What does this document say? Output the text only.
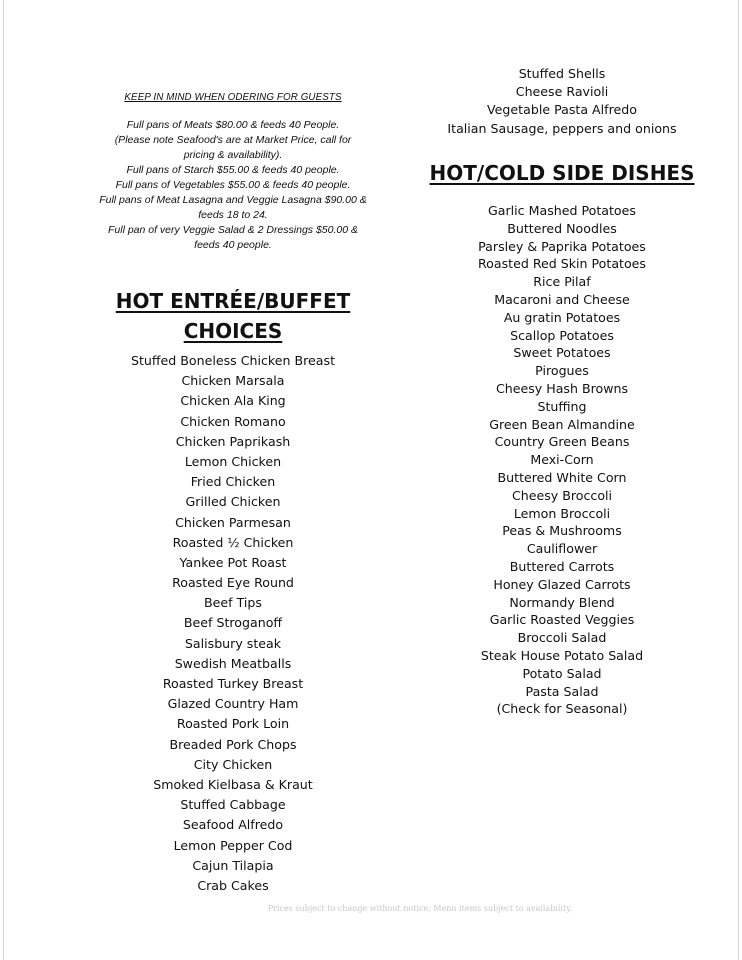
KEEP IN MIND WHEN ODERING FOR GUESTS
Full pans of Meats $80.00 & feeds 40 People.
(Please note Seafood's are at Market Price, call for
pricing & availability).
Full pans of Starch $55.00 & feeds 40 people.
Full pans of Vegetables $55.00 & feeds 40 people.
Full pans of Meat Lasagna and Veggie Lasagna $90.00 &
feeds 18 to 24.
Full pan of very Veggie Salad & 2 Dressings $50.00 &
feeds 40 people.
HOT ENTRÉE/BUFFET
CHOICES
Stuffed Boneless Chicken Breast
Chicken Marsala
Chicken Ala King
Chicken Romano
Chicken Paprikash
Lemon Chicken
Fried Chicken
Grilled Chicken
Chicken Parmesan
Roasted ½ Chicken
Yankee Pot Roast
Roasted Eye Round
Beef Tips
Beef Stroganoff
Salisbury steak
Swedish Meatballs
Roasted Turkey Breast
Glazed Country Ham
Roasted Pork Loin
Breaded Pork Chops
City Chicken
Smoked Kielbasa & Kraut
Stuffed Cabbage
Seafood Alfredo
Lemon Pepper Cod
Cajun Tilapia
Crab Cakes
Stuffed Shells
Cheese Ravioli
Vegetable Pasta Alfredo
Italian Sausage, peppers and onions
HOT/COLD SIDE DISHES
Garlic Mashed Potatoes
Buttered Noodles
Parsley & Paprika Potatoes
Roasted Red Skin Potatoes
Rice Pilaf
Macaroni and Cheese
Au gratin Potatoes
Scallop Potatoes
Sweet Potatoes
Pirogues
Cheesy Hash Browns
Stuffing
Green Bean Almandine
Country Green Beans
Mexi-Corn
Buttered White Corn
Cheesy Broccoli
Lemon Broccoli
Peas & Mushrooms
Cauliflower
Buttered Carrots
Honey Glazed Carrots
Normandy Blend
Garlic Roasted Veggies
Broccoli Salad
Steak House Potato Salad
Potato Salad
Pasta Salad
(Check for Seasonal)
Prices subject to change without notice. Menu items subject to availability.
